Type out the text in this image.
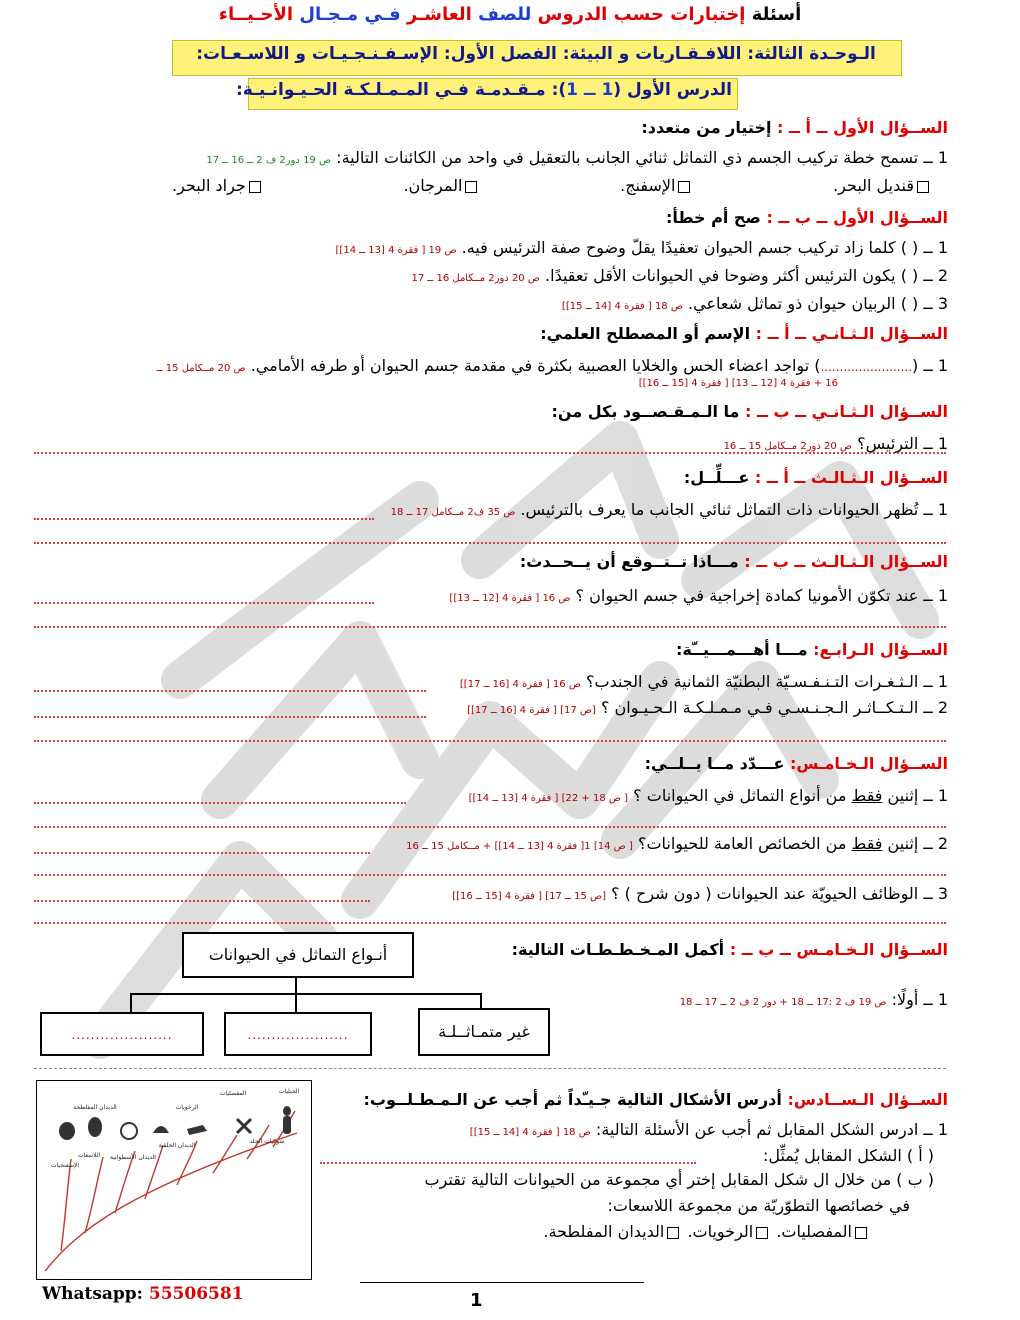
أسئلة إختبارات حسب الدروس للصف العاشـر فـي مـجـال الأحـيــاء
الـوحـدة الثالثة: اللافـقـاريات و البيئة: الفصل الأول: الإسـفـنـجـيـات و اللاسـعـات:
الدرس الأول (1 ــ 1): مـقـدمـة فـي المـمـلـكـة الحـيـوانـيـة:
الســؤال الأول ــ أ ــ : إختيار من متعدد:
1 ــ تسمح خطة تركيب الجسم ذي التماثل ثنائي الجانب بالتعقيل في واحد من الكائنات التالية: ص 19 دور2 ف 2 ــ 16 ــ 17
قنديل البحر.
الإسفنج.
المرجان.
جراد البحر.
الســؤال الأول ــ ب ــ : صح أم خطأ:
1 ــ ( ) كلما زاد تركيب جسم الحيوان تعقيدًا يقلّ وضوح صفة الترئيس فيه. ص 19 [ فقرة 4 [13 ــ 14]]
2 ــ ( ) يكون الترئيس أكثر وضوحا في الحيوانات الأقل تعقيدًا. ص 20 دور2 مــكامل 16 ــ 17
3 ــ ( ) الربيان حيوان ذو تماثل شعاعي. ص 18 [ فقرة 4 [14 ــ 15]]
الســؤال الـثـانـي ــ أ ــ : الإسم أو المصطلح العلمي:
1 ــ (........................) تواجد اعضاء الحس والخلايا العصبية بكثرة في مقدمة جسم الحيوان أو طرفه الأمامي. ص 20 مــكامل 15 ــ
16 + فقرة 4 [12 ــ 13] [ فقرة 4 [15 ــ 16]]
الســؤال الـثـانـي ــ ب ــ : ما الـمـقـصــود بكل من:
1 ــ الترئيس؟ ص 20 دور2 مــكامل 15 ــ 16
الســؤال الـثـالـث ــ أ ــ : عـــلِّــل:
1 ــ تُظهر الحيوانات ذات التماثل ثنائي الجانب ما يعرف بالترئيس. ص 35 ف2 مــكامل 17 ــ 18
الســؤال الـثـالـث ــ ب ــ : مـــاذا تــتــوقع أن يــحــدث:
1 ــ عند تكوّن الأمونيا كمادة إخراجية في جسم الحيوان ؟ ص 16 [ فقرة 4 [12 ــ 13]]
الســؤال الـرابـع: مـــا أهـــمـــيــّة:
1 ــ الـثـغـرات التـنـفـسـيّة البطنيّة الثمانية في الجندب؟ ص 16 [ فقرة 4 [16 ــ 17]]
2 ــ الـتـكــاثـر الـجـنـسـي فـي مـمـلـكـة الـحـيـوان ؟ [ص 17] [ فقرة 4 [16 ــ 17]]
الســؤال الـخـامـس: عـــدّد مــا يــلــي:
1 ــ إثنين فقط من أنواع التماثل في الحيوانات ؟ [ ص 18 + 22] [ فقرة 4 [13 ــ 14]]
2 ــ إثنين فقط من الخصائص العامة للحيوانات؟ [ ص 14] 1[ فقرة 4 [13 ــ 14]] + مــكامل 15 ــ 16
3 ــ الوظائف الحيويّة عند الحيوانات ( دون شرح ) ؟ [ص 15 ــ 17] [ فقرة 4 [15 ــ 16]]
الســؤال الـخـامـس ــ ب ــ : أكمل المـخـطـطـات التالية:
1 ــ أولًا: ص 19 ف 2 :17 ــ 18 + دور 2 ف 2 ــ 17 ــ 18
أنـواع التماثل في الحيوانات
.....................	.....................	غير متمـاثــلـة
الســؤال الـســادس: أدرس الأشكال التالية جـيـّداً ثم أجب عن الـمـطـلــوب:
1 ــ ادرس الشكل المقابل ثم أجب عن الأسئلة التالية: ص 18 [ فقرة 4 [14 ــ 15]]
( أ ) الشكل المقابل يُمثِّل:
( ب ) من خلال ال شكل المقابل إختر أي مجموعة من الحيوانات التالية تقترب
في خصائصها التطوّريّة من مجموعة اللاسعات:
المفصليات. الرخويات. الديدان المفلطحة.
الحبليات
المفصليات
الرخويات
الديدان المفلطحة
الديدان الحلقية
الديدان الأسطوانية
شوكيات الجلد
اللاسعات
الإسفنجيات
1
Whatsapp: 55506581
